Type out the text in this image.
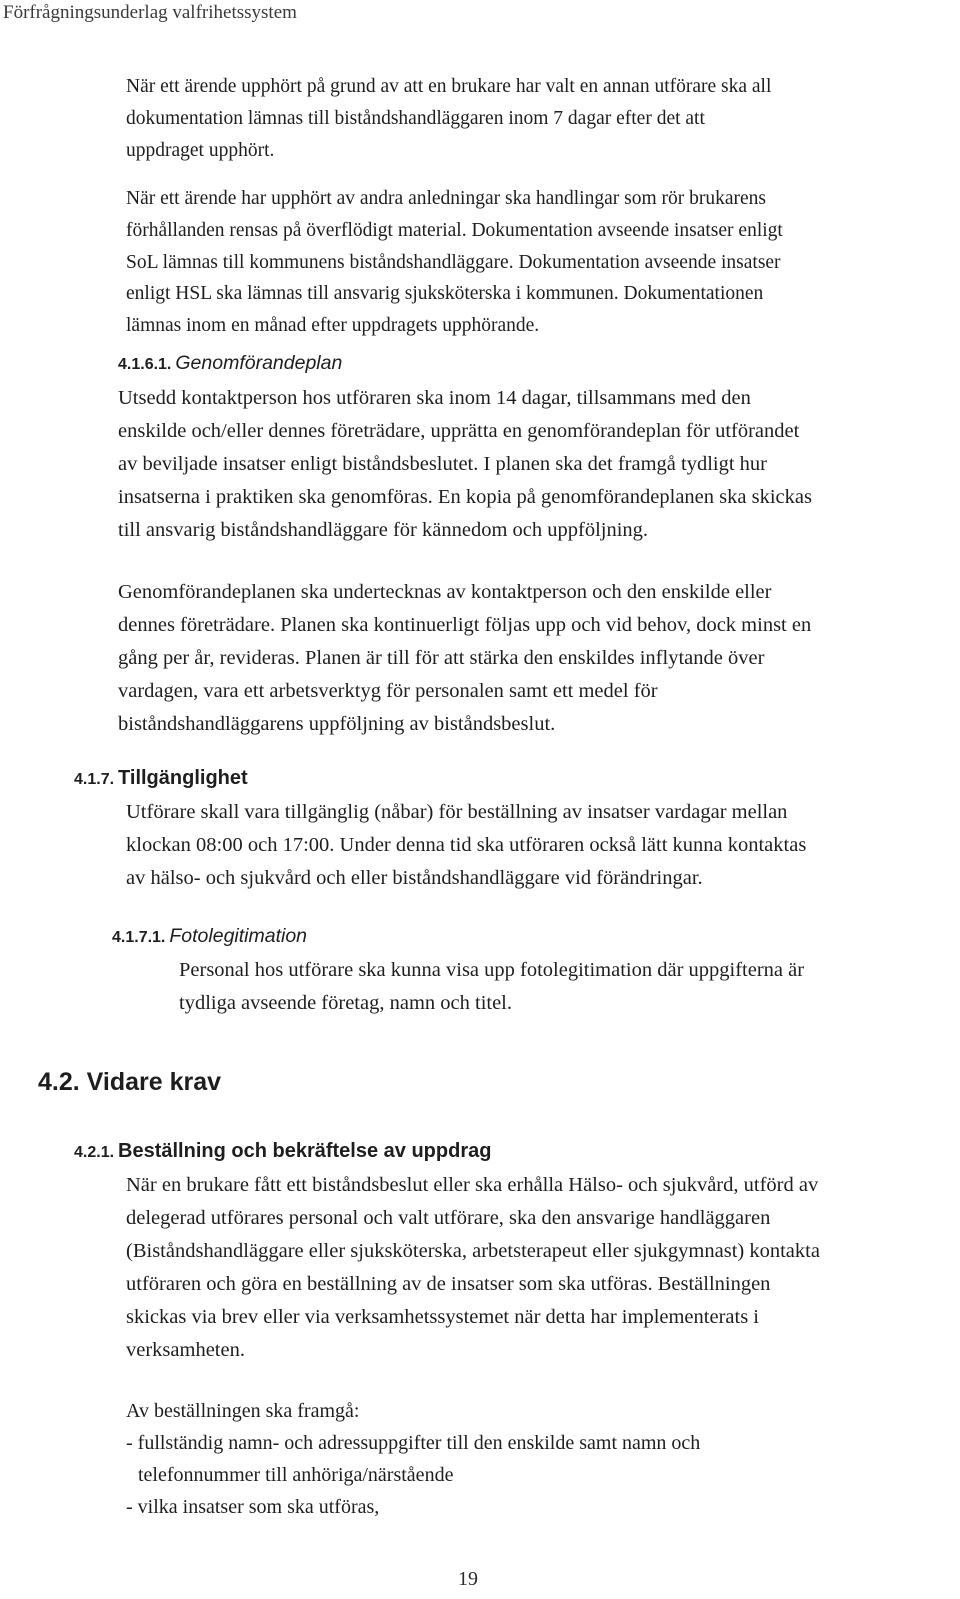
Förfrågningsunderlag valfrihetssystem
När ett ärende upphört på grund av att en brukare har valt en annan utförare ska all
dokumentation lämnas till biståndshandläggaren inom 7 dagar efter det att
uppdraget upphört.
När ett ärende har upphört av andra anledningar ska handlingar som rör brukarens
förhållanden rensas på överflödigt material. Dokumentation avseende insatser enligt
SoL lämnas till kommunens biståndshandläggare. Dokumentation avseende insatser
enligt HSL ska lämnas till ansvarig sjuksköterska i kommunen. Dokumentationen
lämnas inom en månad efter uppdragets upphörande.
4.1.6.1. Genomförandeplan
Utsedd kontaktperson hos utföraren ska inom 14 dagar, tillsammans med den
enskilde och/eller dennes företrädare, upprätta en genomförandeplan för utförandet
av beviljade insatser enligt biståndsbeslutet. I planen ska det framgå tydligt hur
insatserna i praktiken ska genomföras. En kopia på genomförandeplanen ska skickas
till ansvarig biståndshandläggare för kännedom och uppföljning.
Genomförandeplanen ska undertecknas av kontaktperson och den enskilde eller
dennes företrädare. Planen ska kontinuerligt följas upp och vid behov, dock minst en
gång per år, revideras. Planen är till för att stärka den enskildes inflytande över
vardagen, vara ett arbetsverktyg för personalen samt ett medel för
biståndshandläggarens uppföljning av biståndsbeslut.
4.1.7. Tillgänglighet
Utförare skall vara tillgänglig (nåbar) för beställning av insatser vardagar mellan
klockan 08:00 och 17:00. Under denna tid ska utföraren också lätt kunna kontaktas
av hälso- och sjukvård och eller biståndshandläggare vid förändringar.
4.1.7.1. Fotolegitimation
Personal hos utförare ska kunna visa upp fotolegitimation där uppgifterna är
tydliga avseende företag, namn och titel.
4.2. Vidare krav
4.2.1. Beställning och bekräftelse av uppdrag
När en brukare fått ett biståndsbeslut eller ska erhålla Hälso- och sjukvård, utförd av
delegerad utförares personal och valt utförare, ska den ansvarige handläggaren
(Biståndshandläggare eller sjuksköterska, arbetsterapeut eller sjukgymnast) kontakta
utföraren och göra en beställning av de insatser som ska utföras. Beställningen
skickas via brev eller via verksamhetssystemet när detta har implementerats i
verksamheten.
Av beställningen ska framgå:
- fullständig namn- och adressuppgifter till den enskilde samt namn och
telefonnummer till anhöriga/närstående
- vilka insatser som ska utföras,
19
